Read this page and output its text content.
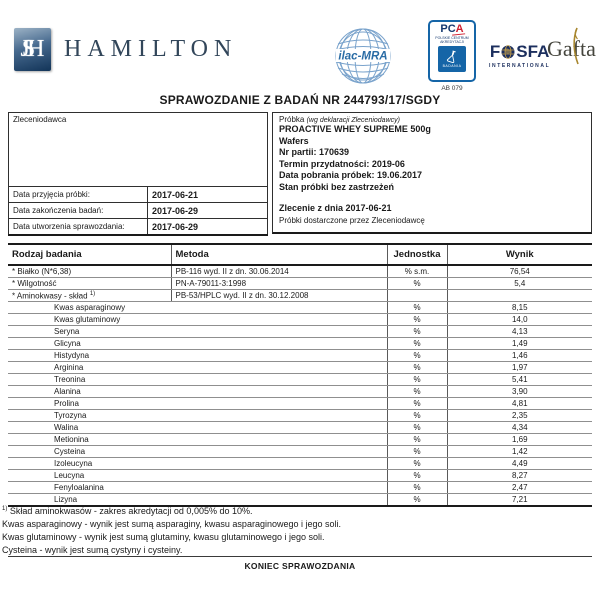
JSH	HAMILTON	ilac-MRA
PCA
POLSKIE CENTRUM
AKREDYTACJI
BADANIA
AB 079
F SFA
INTERNATIONAL
Gafta
SPRAWOZDANIE Z BADAŃ NR 244793/17/SGDY
Zleceniodawca
Data przyjęcia próbki:	2017-06-21
Data zakończenia badań:	2017-06-29
Data utworzenia sprawozdania:	2017-06-29
Próbka (wg deklaracji Zleceniodawcy)
PROACTIVE WHEY SUPREME 500g
Wafers
Nr partii: 170639
Termin przydatności: 2019-06
Data pobrania próbek: 19.06.2017
Stan próbki bez zastrzeżeń
Zlecenie z dnia 2017-06-21
Próbki dostarczone przez Zleceniodawcę
Rodzaj badania	Metoda	Jednostka	Wynik
* Białko (N*6,38)	PB-116 wyd. II z dn. 30.06.2014	% s.m.	76,54
* Wilgotność	PN-A-79011-3:1998	%	5,4
* Aminokwasy - skład $^{1)}$	PB-53/HPLC wyd. II z dn. 30.12.2008		
Kwas asparaginowy		%	8,15
Kwas glutaminowy		%	14,0
Seryna		%	4,13
Glicyna		%	1,49
Histydyna		%	1,46
Arginina		%	1,97
Treonina		%	5,41
Alanina		%	3,90
Prolina		%	4,81
Tyrozyna		%	2,35
Walina		%	4,34
Metionina		%	1,69
Cysteina		%	1,42
Izoleucyna		%	4,49
Leucyna		%	8,27
Fenyloalanina		%	2,47
Lizyna		%	7,21
$^{1)}$ Skład aminokwasów - zakres akredytacji od 0,005% do 10%.
Kwas asparaginowy - wynik jest sumą asparaginy, kwasu asparaginowego i jego soli.
Kwas glutaminowy - wynik jest sumą glutaminy, kwasu glutaminowego i jego soli.
Cysteina - wynik jest sumą cystyny i cysteiny.
KONIEC SPRAWOZDANIA
